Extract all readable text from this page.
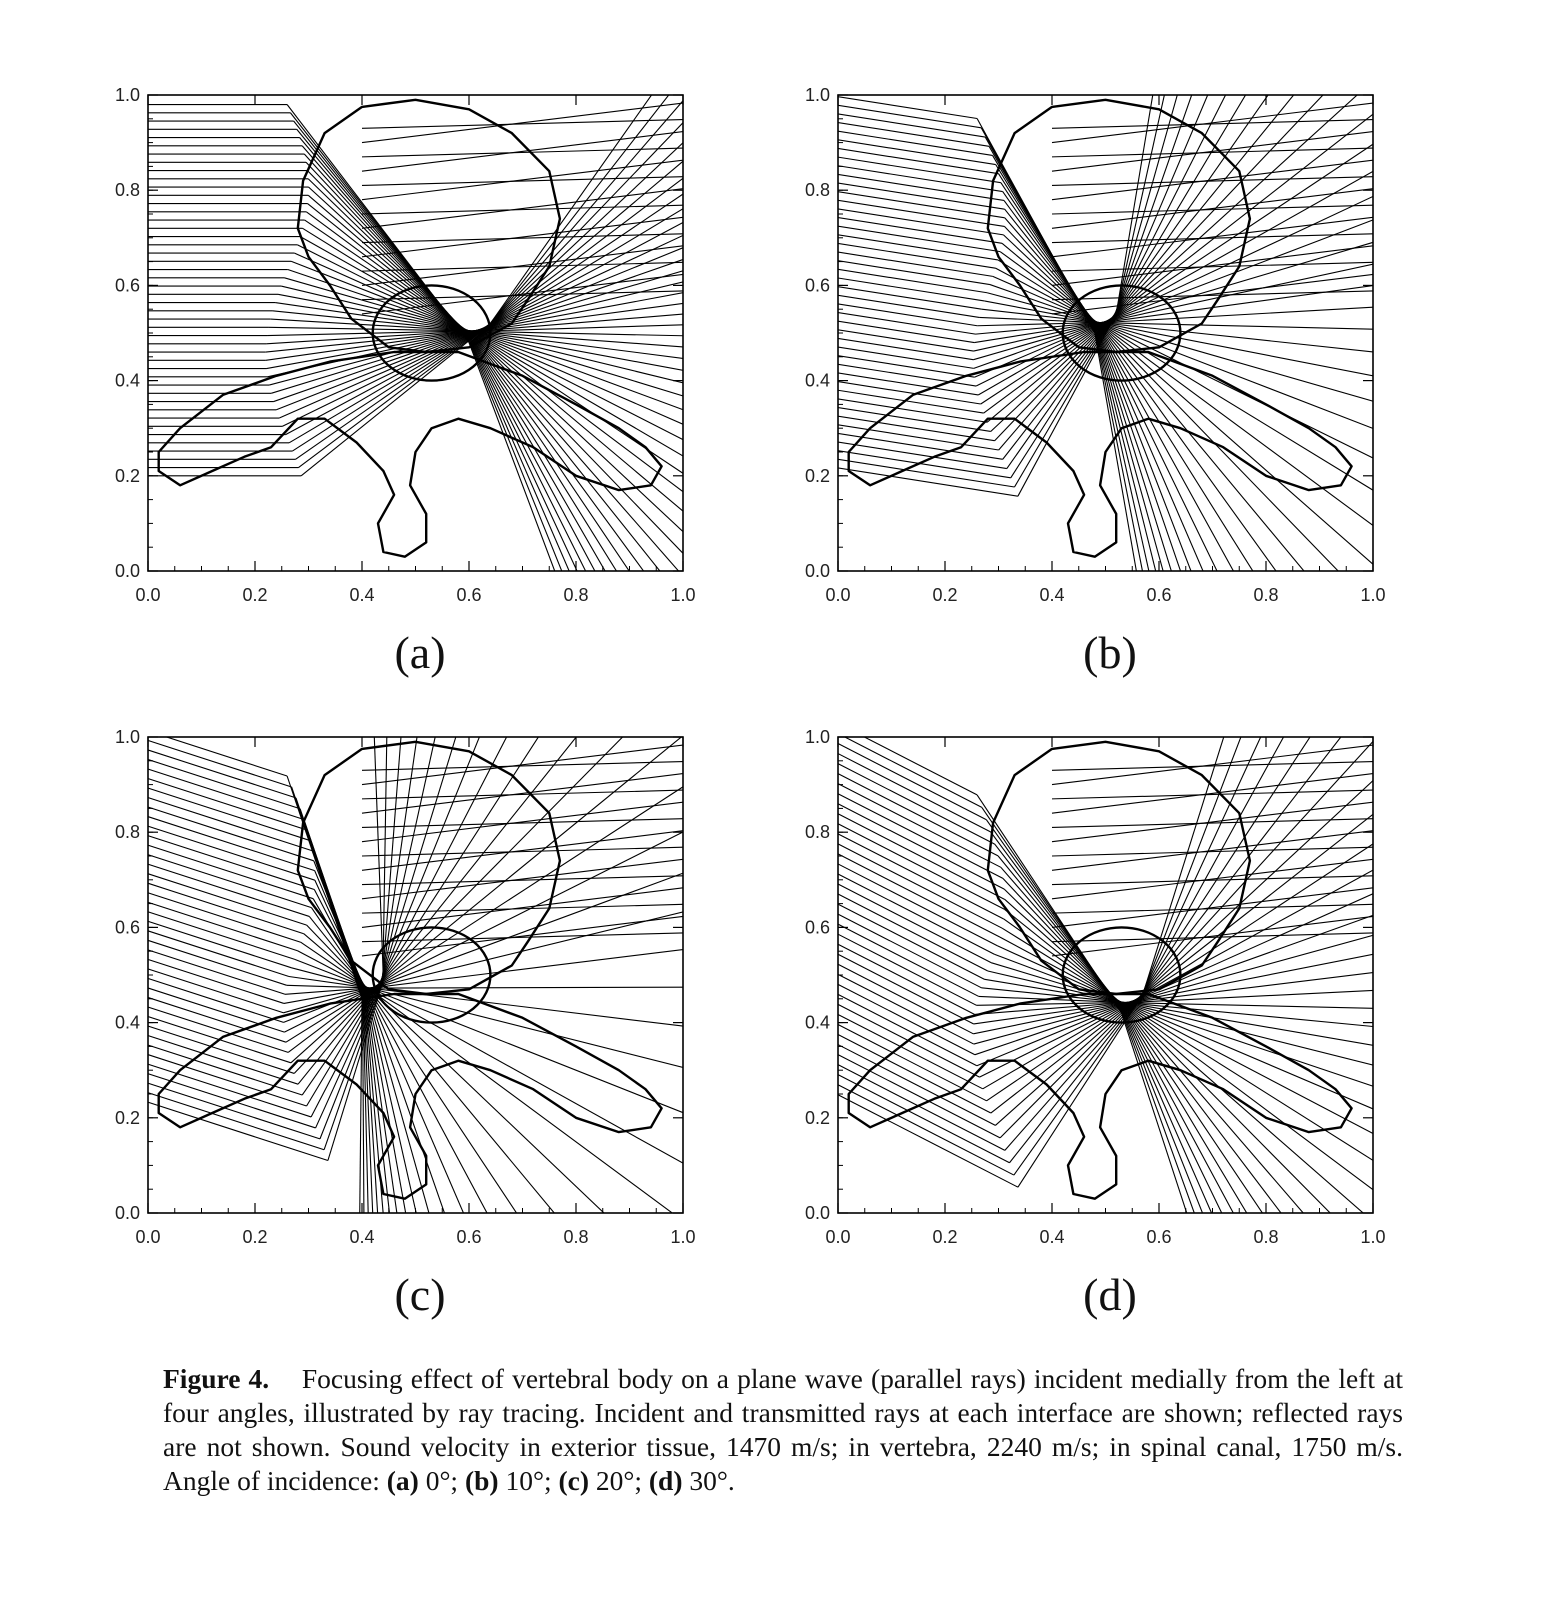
0.0
0.0
0.2
0.2
0.4
0.4
0.6
0.6
0.8
0.8
1.0
1.0
(a)
0.0
0.0
0.2
0.2
0.4
0.4
0.6
0.6
0.8
0.8
1.0
1.0
(b)
0.0
0.0
0.2
0.2
0.4
0.4
0.6
0.6
0.8
0.8
1.0
1.0
(c)
0.0
0.0
0.2
0.2
0.4
0.4
0.6
0.6
0.8
0.8
1.0
1.0
(d)
Figure 4. Focusing effect of vertebral body on a plane wave (parallel rays) incident medially from the left at four angles, illustrated by ray tracing. Incident and transmitted rays at each interface are shown; reflected rays are not shown. Sound velocity in exterior tissue, 1470 m/s; in vertebra, 2240 m/s; in spinal canal, 1750 m/s. Angle of incidence: (a) 0°; (b) 10°; (c) 20°; (d) 30°.
